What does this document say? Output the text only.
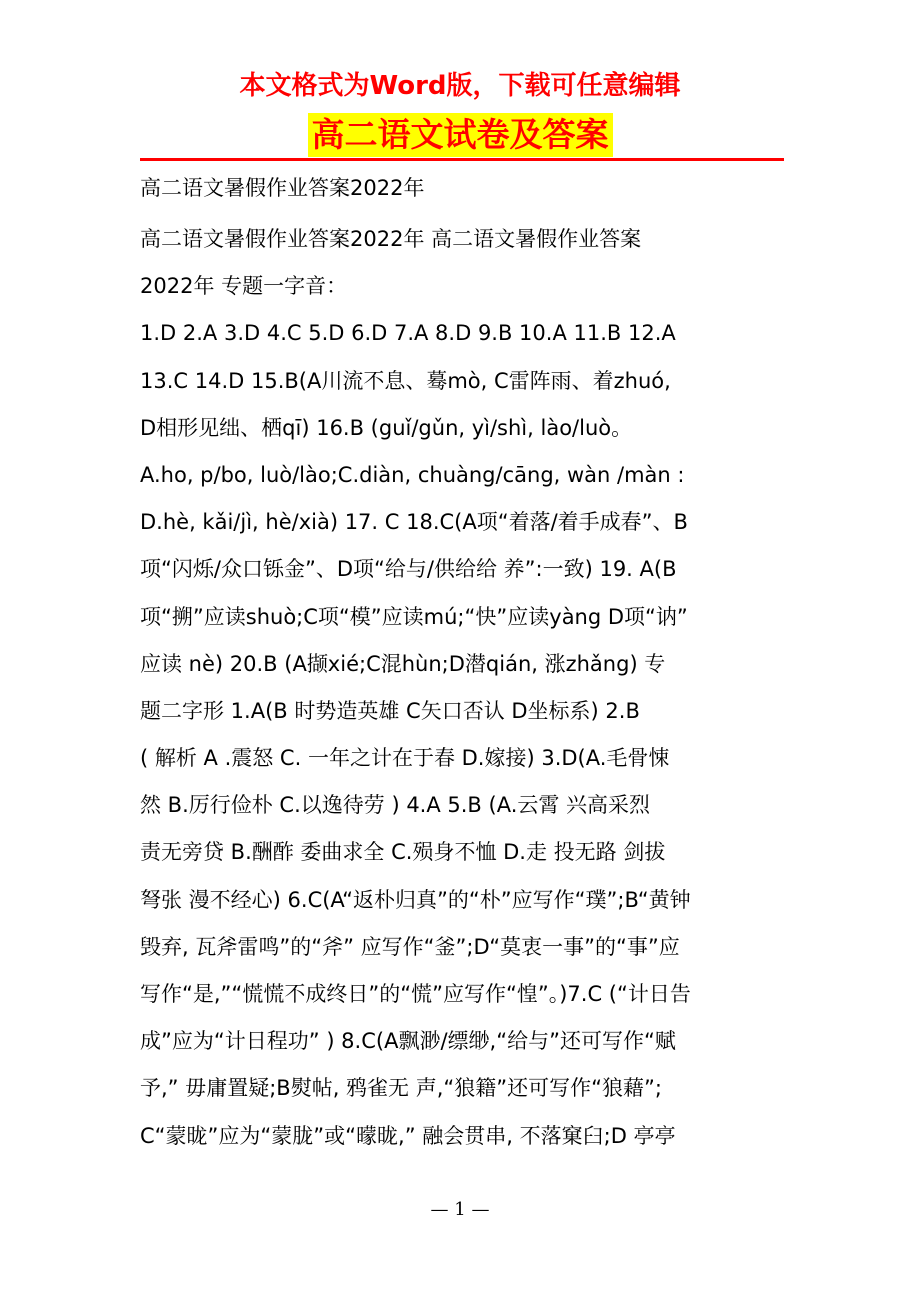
本文格式为Word版，下载可任意编辑

高二语文试卷及答案

高二语文暑假作业答案2022年

高二语文暑假作业答案2022年 高二语文暑假作业答案
2022年 专题一字音：
1.D 2.A 3.D 4.C 5.D 6.D 7.A 8.D 9.B 10.A 11.B 12.A
13.C 14.D 15.B(A川流不息、蓦mò, C雷阵雨、着zhuó,
D相形见绌、栖qī) 16.B (guǐ/gǔn, yì/shì, lào/luò。
A.ho, p/bo, luò/lào;C.diàn, chuàng/cāng, wàn /màn :
D.hè, kǎi/jì, hè/xià) 17. C 18.C(A项“着落/着手成春”、B
项“闪烁/众口铄金”、D项“给与/供给给 养”:一致) 19. A(B
项“搠”应读shuò;C项“模”应读mú;“快”应读yàng D项“讷”
应读 nè) 20.B (A撷xié;C混hùn;D潜qián, 涨zhǎng) 专
题二字形 1.A(B 时势造英雄 C矢口否认 D坐标系) 2.B
( 解析 A .震怒 C. 一年之计在于春 D.嫁接) 3.D(A.毛骨悚
然 B.厉行俭朴 C.以逸待劳 ) 4.A 5.B (A.云霄 兴高采烈
责无旁贷 B.酬酢 委曲求全 C.殒身不恤 D.走 投无路 剑拔
弩张 漫不经心) 6.C(A“返朴归真”的“朴”应写作“璞”;B“黄钟
毁弃, 瓦斧雷鸣”的“斧” 应写作“釜”;D“莫衷一事”的“事”应
写作“是,”“慌慌不成终日”的“慌”应写作“惶”。)7.C (“计日告
成”应为“计日程功” ) 8.C(A飘渺/缥缈,“给与”还可写作“赋
予,” 毋庸置疑;B熨帖, 鸦雀无 声,“狼籍”还可写作“狼藉”;
C“蒙昽”应为“蒙胧”或“曚昽,” 融会贯串, 不落窠臼;D 亭亭
— 1 —
